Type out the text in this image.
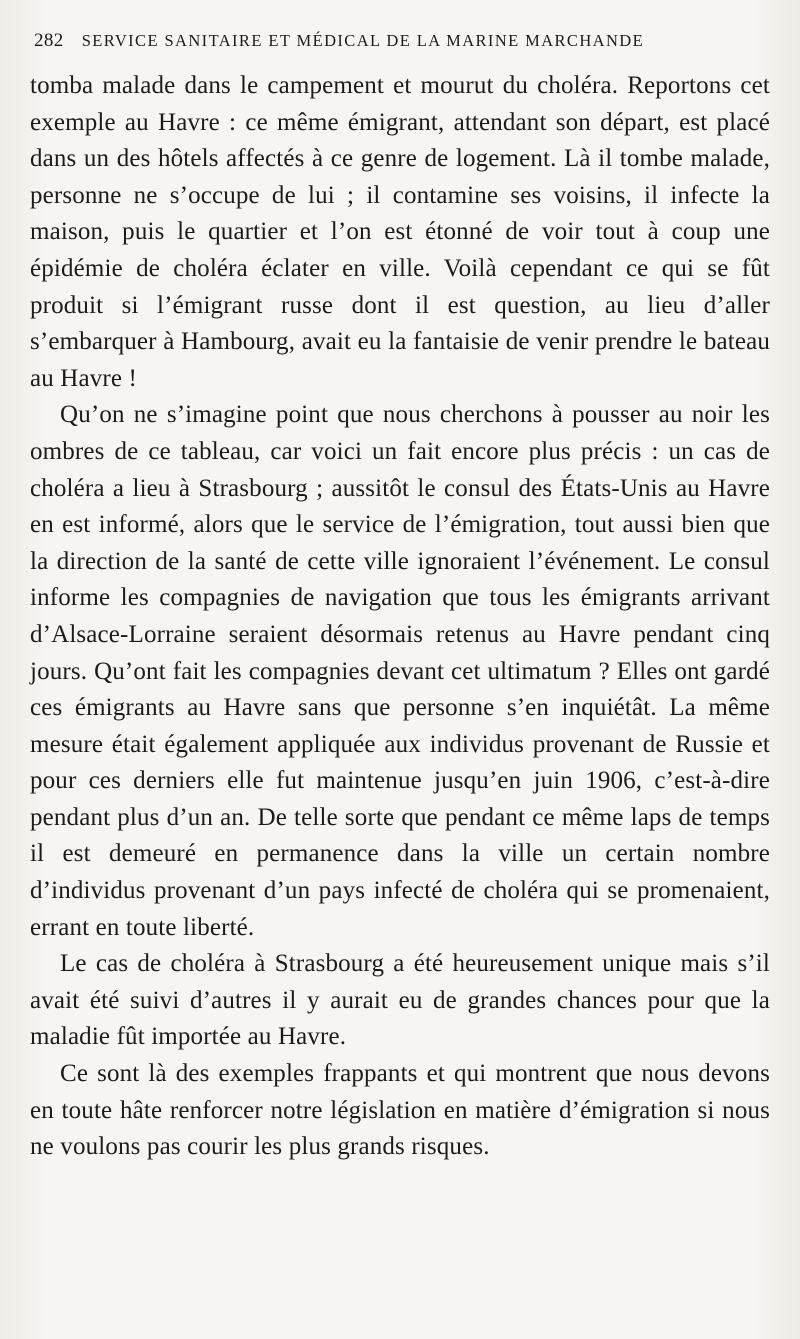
282 SERVICE SANITAIRE ET MÉDICAL DE LA MARINE MARCHANDE

tomba malade dans le campement et mourut du choléra. Reportons cet exemple au Havre : ce même émigrant, attendant son départ, est placé dans un des hôtels affectés à ce genre de logement. Là il tombe malade, personne ne s’occupe de lui ; il contamine ses voisins, il infecte la maison, puis le quartier et l’on est étonné de voir tout à coup une épidémie de choléra éclater en ville. Voilà cependant ce qui se fût produit si l’émigrant russe dont il est question, au lieu d’aller s’embarquer à Hambourg, avait eu la fantaisie de venir prendre le bateau au Havre !

Qu’on ne s’imagine point que nous cherchons à pousser au noir les ombres de ce tableau, car voici un fait encore plus précis : un cas de choléra a lieu à Strasbourg ; aussitôt le consul des États-Unis au Havre en est informé, alors que le service de l’émigration, tout aussi bien que la direction de la santé de cette ville ignoraient l’événement. Le consul informe les compagnies de navigation que tous les émigrants arrivant d’Alsace-Lorraine seraient désormais retenus au Havre pendant cinq jours. Qu’ont fait les compagnies devant cet ultimatum ? Elles ont gardé ces émigrants au Havre sans que personne s’en inquiétât. La même mesure était également appliquée aux individus provenant de Russie et pour ces derniers elle fut maintenue jusqu’en juin 1906, c’est-à-dire pendant plus d’un an. De telle sorte que pendant ce même laps de temps il est demeuré en permanence dans la ville un certain nombre d’individus provenant d’un pays infecté de choléra qui se promenaient, errant en toute liberté.

Le cas de choléra à Strasbourg a été heureusement unique mais s’il avait été suivi d’autres il y aurait eu de grandes chances pour que la maladie fût importée au Havre.

Ce sont là des exemples frappants et qui montrent que nous devons en toute hâte renforcer notre législation en matière d’émigration si nous ne voulons pas courir les plus grands risques.
